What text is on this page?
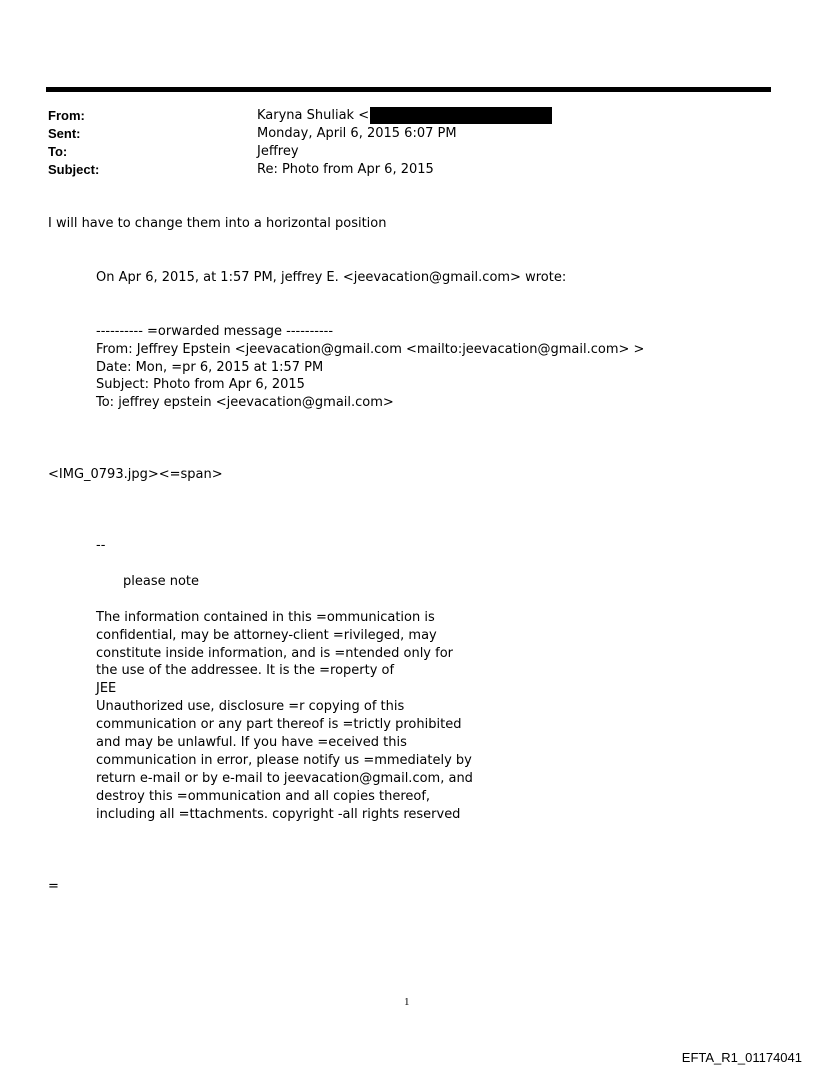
From:	Karyna Shuliak <
Sent:	Monday, April 6, 2015 6:07 PM
To:	Jeffrey
Subject:	Re: Photo from Apr 6, 2015
I will have to change them into a horizontal position
On Apr 6, 2015, at 1:57 PM, jeffrey E. <jeevacation@gmail.com> wrote:
---------- =orwarded message ----------
From: Jeffrey Epstein <jeevacation@gmail.com <mailto:jeevacation@gmail.com> >
Date: Mon, =pr 6, 2015 at 1:57 PM
Subject: Photo from Apr 6, 2015
To: jeffrey epstein <jeevacation@gmail.com>
<IMG_0793.jpg><=span>
--
please note
The information contained in this =ommunication is
confidential, may be attorney-client =rivileged, may
constitute inside information, and is =ntended only for
the use of the addressee. It is the =roperty of
JEE
Unauthorized use, disclosure =r copying of this
communication or any part thereof is =trictly prohibited
and may be unlawful. If you have =eceived this
communication in error, please notify us =mmediately by
return e-mail or by e-mail to jeevacation@gmail.com, and
destroy this =ommunication and all copies thereof,
including all =ttachments. copyright -all rights reserved
=
1
EFTA_R1_01174041
